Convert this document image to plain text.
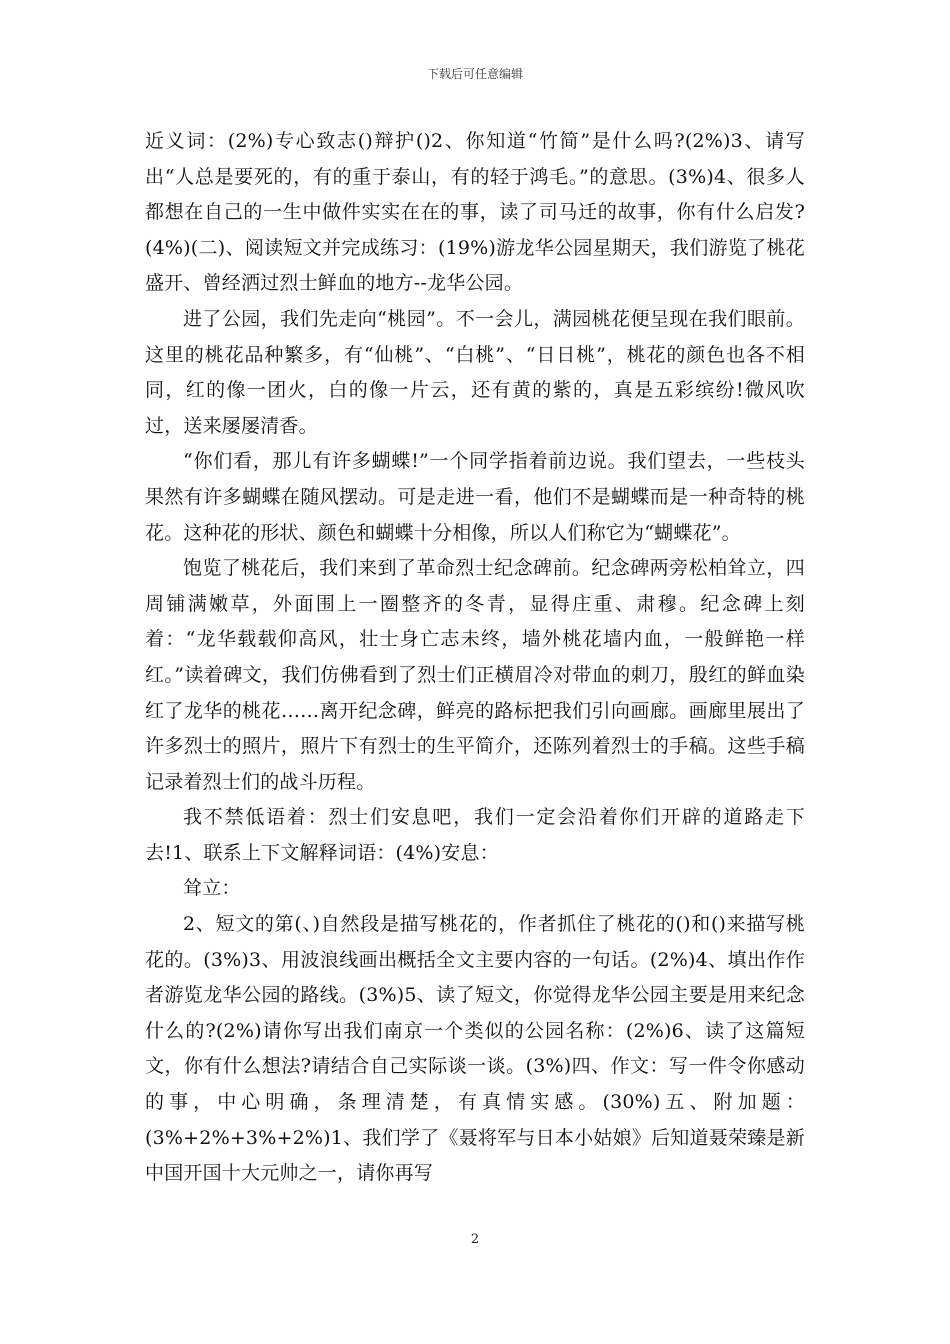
下载后可任意编辑

近义词：(2%)专心致志()辩护()2、你知道“竹简”是什么吗?(2%)3、请写出“人总是要死的，有的重于泰山，有的轻于鸿毛。”的意思。(3%)4、很多人都想在自己的一生中做件实实在在的事，读了司马迁的故事，你有什么启发?(4%)(二)、阅读短文并完成练习：(19%)游龙华公园星期天，我们游览了桃花盛开、曾经洒过烈士鲜血的地方--龙华公园。

进了公园，我们先走向“桃园”。不一会儿，满园桃花便呈现在我们眼前。这里的桃花品种繁多，有“仙桃”、“白桃”、“日日桃”，桃花的颜色也各不相同，红的像一团火，白的像一片云，还有黄的紫的，真是五彩缤纷!微风吹过，送来屡屡清香。

“你们看，那儿有许多蝴蝶!”一个同学指着前边说。我们望去，一些枝头果然有许多蝴蝶在随风摆动。可是走进一看，他们不是蝴蝶而是一种奇特的桃花。这种花的形状、颜色和蝴蝶十分相像，所以人们称它为“蝴蝶花”。

饱览了桃花后，我们来到了革命烈士纪念碑前。纪念碑两旁松柏耸立，四周铺满嫩草，外面围上一圈整齐的冬青，显得庄重、肃穆。纪念碑上刻着：“龙华载载仰高风，壮士身亡志未终，墙外桃花墙内血，一般鲜艳一样红。”读着碑文，我们仿佛看到了烈士们正横眉冷对带血的刺刀，殷红的鲜血染红了龙华的桃花……离开纪念碑，鲜亮的路标把我们引向画廊。画廊里展出了许多烈士的照片，照片下有烈士的生平简介，还陈列着烈士的手稿。这些手稿记录着烈士们的战斗历程。

我不禁低语着：烈士们安息吧，我们一定会沿着你们开辟的道路走下去!1、联系上下文解释词语：(4%)安息：

耸立：

2、短文的第(、)自然段是描写桃花的，作者抓住了桃花的()和()来描写桃花的。(3%)3、用波浪线画出概括全文主要内容的一句话。(2%)4、填出作作者游览龙华公园的路线。(3%)5、读了短文，你觉得龙华公园主要是用来纪念什么的?(2%)请你写出我们南京一个类似的公园名称：(2%)6、读了这篇短文，你有什么想法?请结合自己实际谈一谈。(3%)四、作文：写一件令你感动的事，中心明确，条理清楚，有真情实感。(30%)五、附加题：(3%+2%+3%+2%)1、我们学了《聂将军与日本小姑娘》后知道聂荣臻是新中国开国十大元帅之一，请你再写

2
